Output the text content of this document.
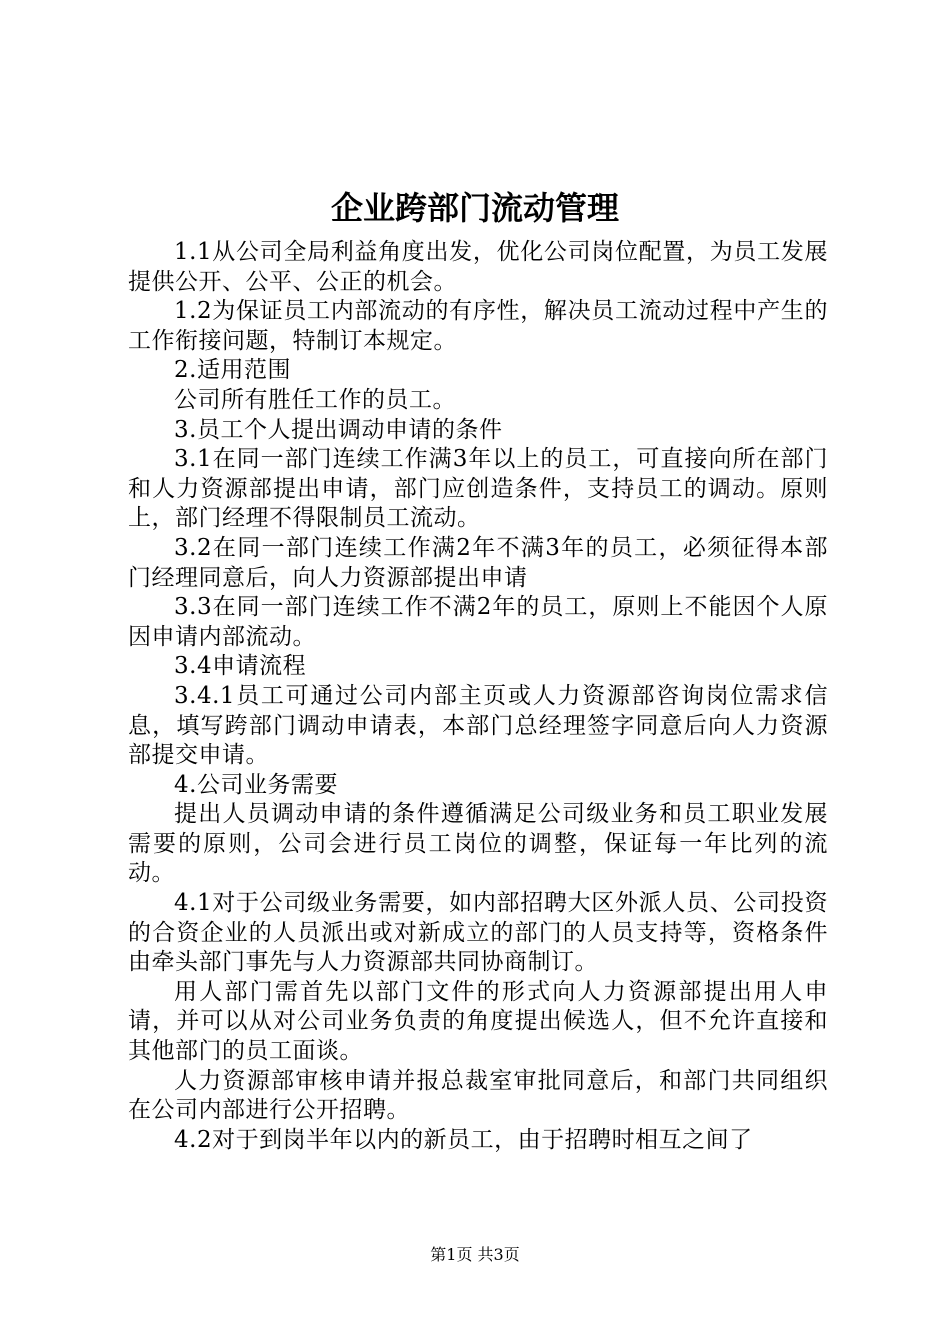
企业跨部门流动管理

1.1从公司全局利益角度出发，优化公司岗位配置，为员工发展提供公开、公平、公正的机会。

1.2为保证员工内部流动的有序性，解决员工流动过程中产生的工作衔接问题，特制订本规定。

2.适用范围

公司所有胜任工作的员工。

3.员工个人提出调动申请的条件

3.1在同一部门连续工作满3年以上的员工，可直接向所在部门和人力资源部提出申请，部门应创造条件，支持员工的调动。原则上，部门经理不得限制员工流动。

3.2在同一部门连续工作满2年不满3年的员工，必须征得本部门经理同意后，向人力资源部提出申请

3.3在同一部门连续工作不满2年的员工，原则上不能因个人原因申请内部流动。

3.4申请流程

3.4.1员工可通过公司内部主页或人力资源部咨询岗位需求信息，填写跨部门调动申请表，本部门总经理签字同意后向人力资源部提交申请。

4.公司业务需要

提出人员调动申请的条件遵循满足公司级业务和员工职业发展需要的原则，公司会进行员工岗位的调整，保证每一年比列的流动。

4.1对于公司级业务需要，如内部招聘大区外派人员、公司投资的合资企业的人员派出或对新成立的部门的人员支持等，资格条件由牵头部门事先与人力资源部共同协商制订。

用人部门需首先以部门文件的形式向人力资源部提出用人申请，并可以从对公司业务负责的角度提出候选人，但不允许直接和其他部门的员工面谈。

人力资源部审核申请并报总裁室审批同意后，和部门共同组织在公司内部进行公开招聘。

4.2对于到岗半年以内的新员工，由于招聘时相互之间了

第1页 共3页
